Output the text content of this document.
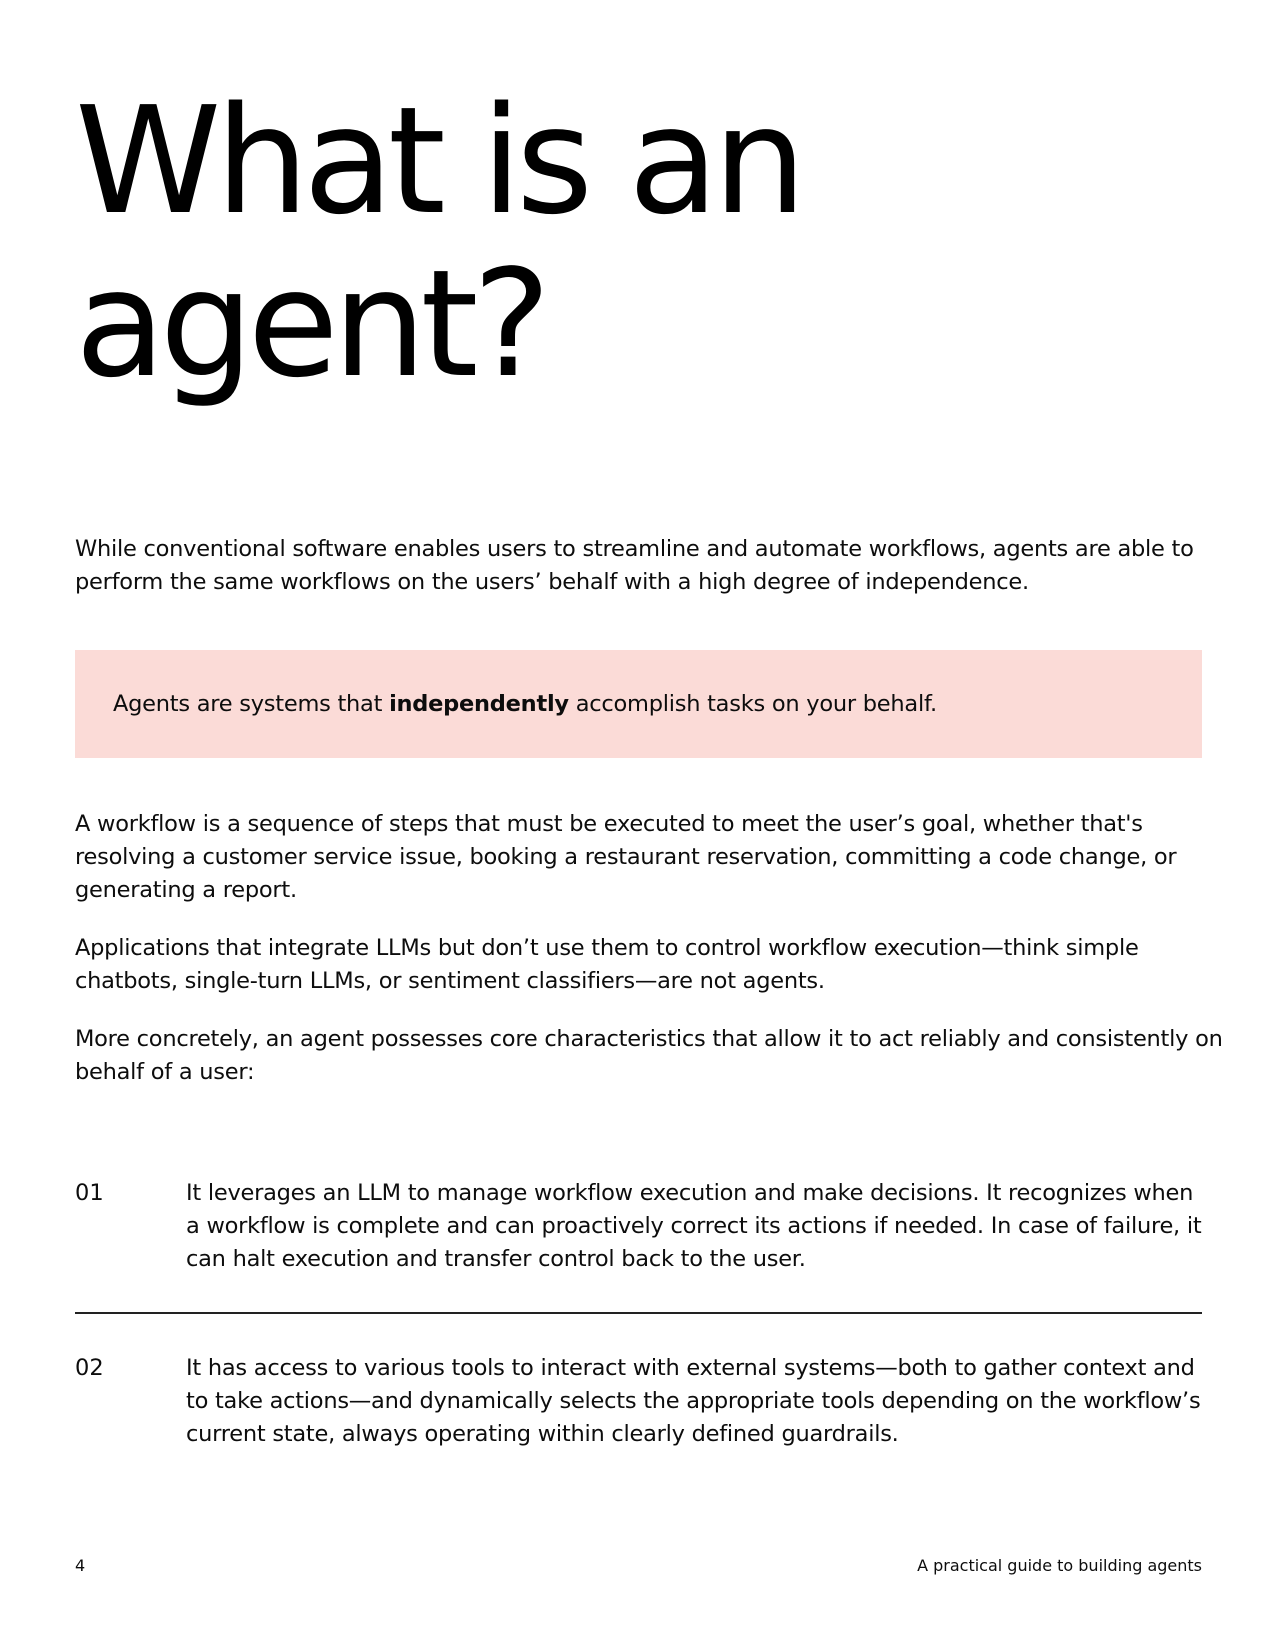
What is an
agent?

While conventional software enables users to streamline and automate workflows, agents are able to perform the same workflows on the users’ behalf with a high degree of independence.

Agents are systems that independently accomplish tasks on your behalf.

A workflow is a sequence of steps that must be executed to meet the user’s goal, whether that's resolving a customer service issue, booking a restaurant reservation, committing a code change, or generating a report.

Applications that integrate LLMs but don’t use them to control workflow execution—think simple chatbots, single-turn LLMs, or sentiment classifiers—are not agents.

More concretely, an agent possesses core characteristics that allow it to act reliably and consistently on behalf of a user:

01	It leverages an LLM to manage workflow execution and make decisions. It recognizes when a workflow is complete and can proactively correct its actions if needed. In case of failure, it can halt execution and transfer control back to the user.
02	It has access to various tools to interact with external systems—both to gather context and to take actions—and dynamically selects the appropriate tools depending on the workflow’s current state, always operating within clearly defined guardrails.
4	A practical guide to building agents
